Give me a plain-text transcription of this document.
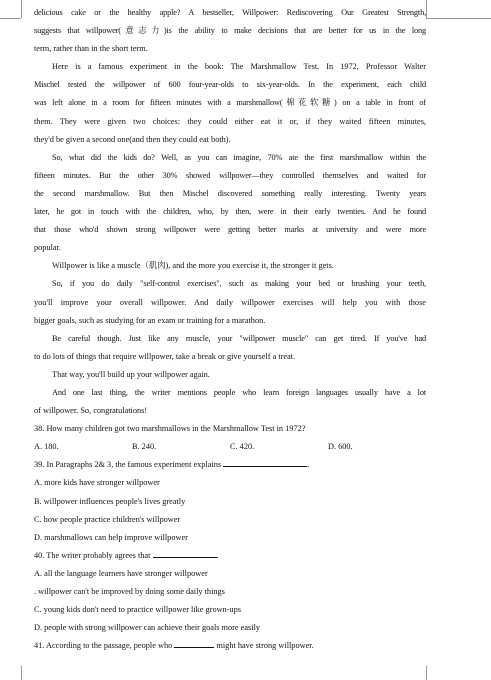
delicious cake or the healthy apple? A bestseller, Willpower: Rediscovering Our Greatest Strength,
suggests that willpower(意志力)is the ability to make decisions that are better for us in the long
term, rather than in the short term.
Here is a famous experiment in the book: The Marshmallow Test. In 1972, Professor Walter
Mischel tested the willpower of 600 four-year-olds to six-year-olds. In the experiment, each child
was left alone in a room for fifteen minutes with a marshmallow(棉花软糖) on a table in front of
them. They were given two choices: they could either eat it or, if they waited fifteen minutes,
they'd be given a second one(and then they could eat both).
So, what did the kids do? Well, as you can imagine, 70% ate the first marshmallow within the
fifteen minutes. But the other 30% showed willpower—they controlled themselves and waited for
the second marshmallow. But then Mischel discovered something really interesting. Twenty years
later, he got in touch with the children, who, by then, were in their early twenties. And he found
that those who'd shown strong willpower were getting better marks at university and were more
popular.
Willpower is like a muscle（肌肉), and the more you exercise it, the stronger it gets.
So, if you do daily "self-control exercises", such as making your bed or brushing your teeth,
you'll improve your overall willpower. And daily willpower exercises will help you with those
bigger goals, such as studying for an exam or training for a marathon.
Be careful though. Just like any muscle, your "willpower muscle" can get tired. If you've had
to do lots of things that require willpower, take a break or give yourself a treat.
That way, you'll build up your willpower again.
And one last thing, the writer mentions people who learn foreign languages usually have a lot
of willpower. So, congratulations!
38. How many children got two marshmallows in the Marshmallow Test in 1972?
A. 180.	B. 240.	C. 420.	D. 600.
39. In Paragraphs 2& 3, the famous experiment explains	.
A. more kids have stronger willpower
B. willpower influences people's lives greatly
C. how people practice children's willpower
D. marshmallows can help improve willpower
40. The writer probably agrees that	.
A. all the language learners have stronger willpower
. willpower can't be improved by doing some daily things
C. young kids don't need to practice willpower like grown-ups
D. people with strong willpower can achieve their goals more easily
41. According to the passage, people who	might have strong willpower.
